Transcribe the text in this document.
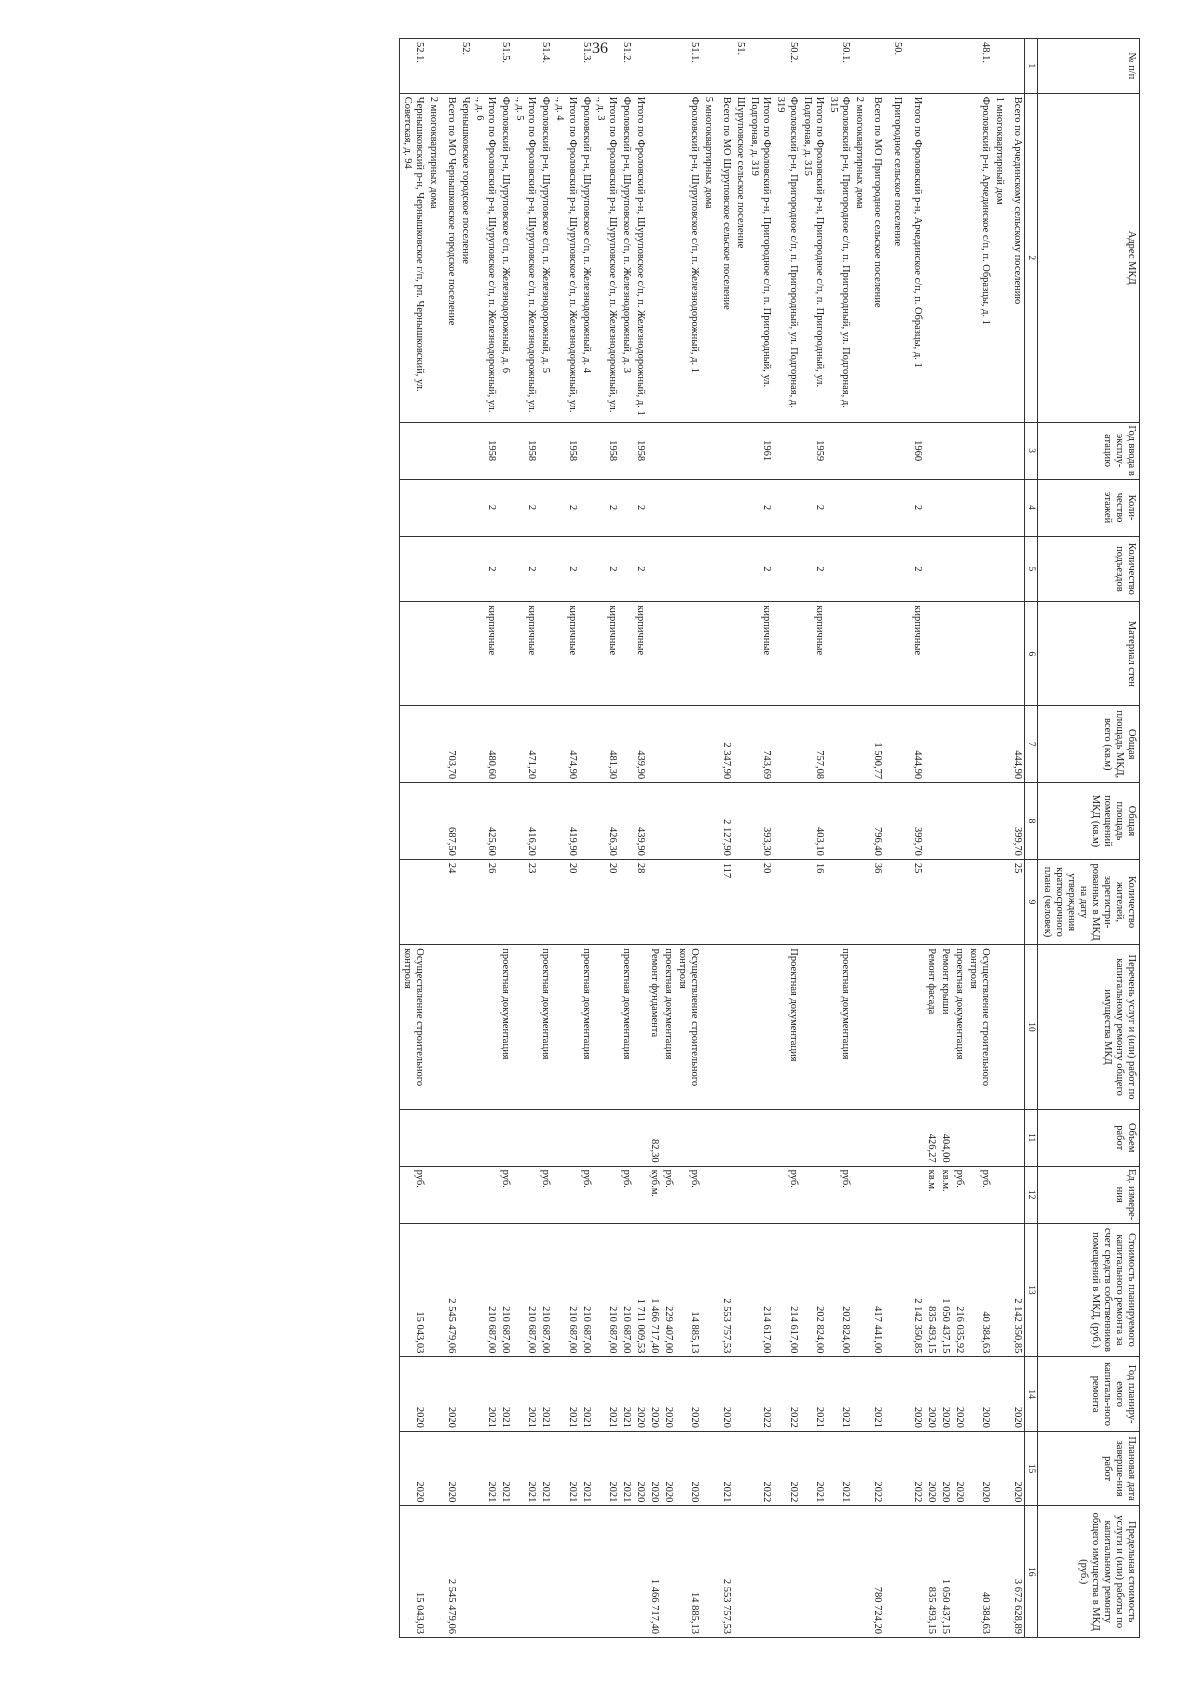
36
№ п/п	Адрес МКД	Год ввода в эксплу-атацию	Коли-чество этажей	Количество подъездов	Материал стен	Общая площадь МКД, всего (кв.м)	Общая площадь помещений МКД (кв.м)	Количество жителей, зарегистри-рованных в МКД на дату утверждения краткосрочного плана (человек)	Перечень услуг и (или) работ по капитальному ремонту общего имущества МКД	Объем работ	Ед. измере-ния	Стоимость планируемого капитального ремонта за счет средств собственников помещений в МКД, (руб.)	Год планиру-емого капиталь-ного ремонта	Плановая дата заверше-ния работ	Предельная стоимость услуги и (или) работы по капитальному ремонту общего имущества в МКД (руб.)
1	2	3	4	5	6	7	8	9	10	11	12	13	14	15	16
	Всего по Арчединскому сельскому поселению					444,90	399,70	25				2 142 350,85	2020	2020	3 672 628,89
	1 многоквартирный дом														
48.1.	Фроловский р-н, Арчединское с/п, п. Образцы, д. 1								Осуществление строительного контроля		руб.	40 384,63	2020	2020	40 384,63
									проектная документация		руб.	216 035,92	2020	2020	
									Ремонт крыши	404,00	кв.м.	1 050 437,15	2020	2020	1 050 437,15
									Ремонт фасада	426,27	кв.м.	835 493,15	2020	2020	835 493,15
	Итого по Фроловский р-н, Арчединское с/п, п. Образцы, д. 1	1960	2	2	кирпичные	444,90	399,70	25				2 142 350,85	2020	2022	
50.	Пригородное сельское поселение														
	Всего по МО Пригородное сельское поселение					1 500,77	796,40	36				417 441,00	2021	2022	780 724,20
	2 многоквартирных дома														
50.1.	Фроловский р-н, Пригородное с/п, п. Пригородный, ул. Подгорная, д. 315								проектная документация		руб.	202 824,00	2021	2021	
	Итого по Фроловский р-н, Пригородное с/п, п. Пригородный, ул. Подгорная, д. 315	1959	2	2	кирпичные	757,08	403,10	16				202 824,00	2021	2021	
50.2.	Фроловский р-н, Пригородное с/п, п. Пригородный, ул. Подгорная, д. 319								Проектная документация		руб.	214 617,00	2022	2022	
	Итого по Фроловский р-н, Пригородное с/п, п. Пригородный, ул. Подгорная, д. 319	1961	2	2	кирпичные	743,69	393,30	20				214 617,00	2022	2022	
51.	Шуруповское сельское поселение														
	Всего по МО Шуруповское сельское поселение					2 347,90	2 127,90	117				2 553 757,53	2020	2021	2 553 757,53
	5 многоквартирных дома														
51.1.	Фроловский р-н, Шуруповское с/п, п. Железнодорожный, д. 1								Осуществление строительного контроля		руб.	14 885,13	2020	2020	14 885,13
									проектная документация		руб.	229 407,00	2020	2020	
									Ремонт фундамента	82,30	куб.м.	1 466 717,40	2020	2020	1 466 717,40
	Итого по Фроловский р-н, Шуруповское с/п, п. Железнодорожный, д. 1	1958	2	2	кирпичные	439,90	439,90	28				1 711 009,53	2020	2020	
51.2.	Фроловский р-н, Шуруповское с/п, п. Железнодорожный, д. 3								проектная документация		руб.	210 687,00	2021	2021	
	Итого по Фроловский р-н, Шуруповское с/п, п. Железнодорожный, ул. ., д. 3	1958	2	2	кирпичные	481,30	426,30	20				210 687,00	2021	2021	
51.3.	Фроловский р-н, Шуруповское с/п, п. Железнодорожный, д. 4								проектная документация		руб.	210 687,00	2021	2021	
	Итого по Фроловский р-н, Шуруповское с/п, п. Железнодорожный, ул. ., д. 4	1958	2	2	кирпичные	474,90	419,90	20				210 687,00	2021	2021	
51.4.	Фроловский р-н, Шуруповское с/п, п. Железнодорожный, д. 5								проектная документация		руб.	210 687,00	2021	2021	
	Итого по Фроловский р-н, Шуруповское с/п, п. Железнодорожный, ул. ., д. 5	1958	2	2	кирпичные	471,20	416,20	23				210 687,00	2021	2021	
51.5.	Фроловский р-н, Шуруповское с/п, п. Железнодорожный, д. 6								проектная документация		руб.	210 687,00	2021	2021	
	Итого по Фроловский р-н, Шуруповское с/п, п. Железнодорожный, ул. ., д. 6	1958	2	2	кирпичные	480,60	425,60	26				210 687,00	2021	2021	
52.	Чернышковское городское поселение														
	Всего по МО Чернышковское городское поселение					703,70	687,50	24				2 545 479,06	2020	2020	2 545 479,06
	2 многоквартирных дома														
52.1.	Чернышковский р-н, Чернышковское г/п, рп. Чернышковский, ул. Советская, д. 94								Осуществление строительного контроля		руб.	15 043,03	2020	2020	15 043,03
